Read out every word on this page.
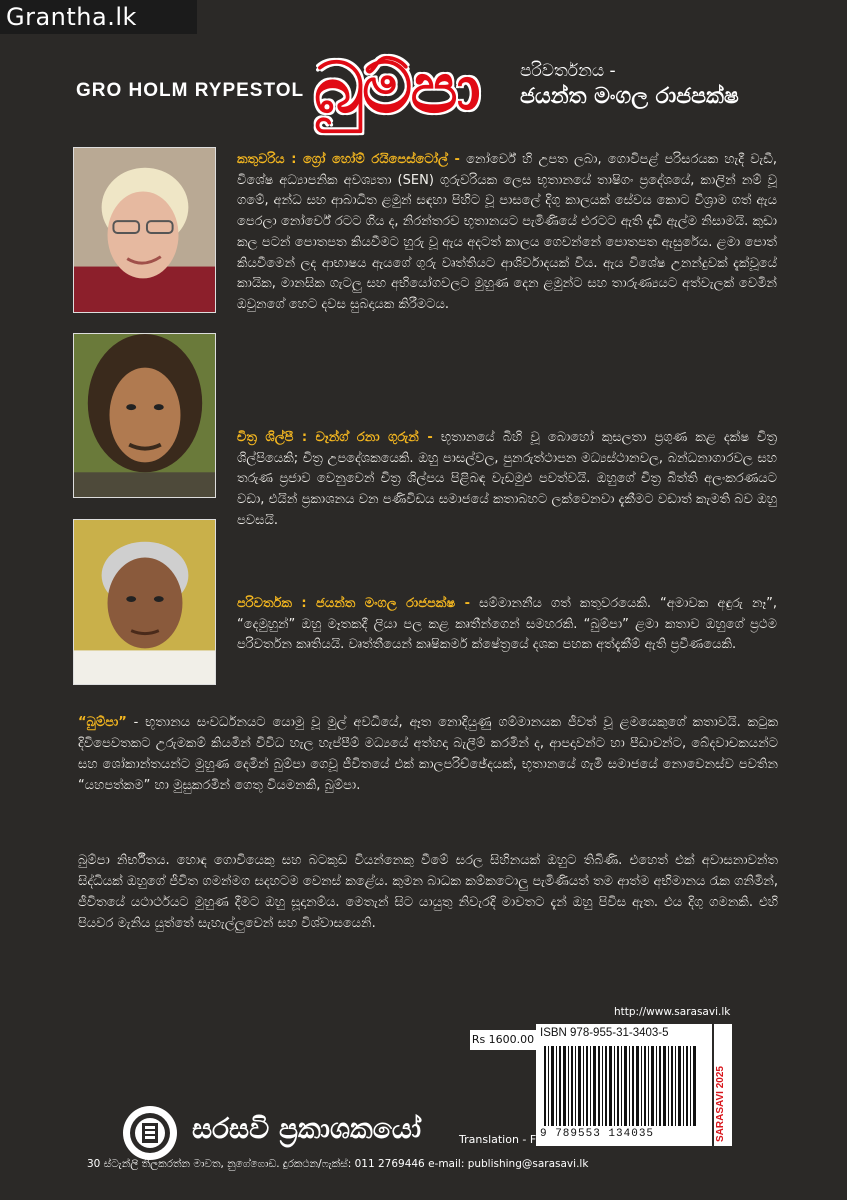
Grantha.lk
GRO HOLM RYPESTOL බුම්පා පරිවර්තනය -
ජයන්ත මංගල රාජපක්ෂ
කතුවරිය : ග්‍රෝ හෝම් රයිපෙස්ටෝල් - නෝර්වේ හි උපත ලබා, ගොවිපළ් පරිසරයක හැදී වැඩී, විශේෂ අධ්‍යාපනික අවශ්‍යතා (SEN) ගුරුවරියක ලෙස භූතානයේ තාෂිගං ප්‍රදේශයේ, කාලින් නම් වූ ගමේ, අන්ධ සහ ආබාධිත ළමුන් සඳහා පිහිට වූ පාසලේ දිගු කාලයක් සේවය කොට විශ්‍රාම ගත් ඇය පෙරලා නෝර්වේ රටට ගිය ද, නිරන්තරව භූතානයට පැමිණියේ එරටට ඇති දැඩි ඇල්ම නිසාමයි. කුඩා කල පටන් පොතපත කියවීමට හුරු වූ ඇය අදටත් කාලය ගෙවන්නේ පොතපත ඇසුරේය. ළමා පොත් කියවීමෙන් ලද ආභාෂය ඇයගේ ගුරු වෘත්තියට ආශිර්වාදයක් විය. ඇය විශේෂ උනන්දුවක් දැක්වූයේ කායික, මානසික ගැටලු සහ අභියෝගවලට මුහුණ දෙන ළමුන්ට සහ තාරුණ්‍යයට අත්වැලක් වෙමින් ඔවුනගේ හෙට දවස සුබදායක කිරීමටය.
චිත්‍ර ශිල්පී : චෑන්ග් රනා ගුරුන් - භූතානයේ බිහි වූ බොහෝ කුසලතා ප්‍රගුණ කළ දක්ෂ චිත්‍ර ශිල්පියෙකි; චිත්‍ර උපදේශකයෙකි. ඔහු පාසල්වල, පුනරුත්ථාපන මධ්‍යස්ථානවල, බන්ධනාගාරවල සහ තරුණ ප්‍රජාව වෙනුවෙන් චිත්‍ර ශිල්පය පිළිබඳ වැඩමුළු පවත්වයි. ඔහුගේ චිත්‍ර බිත්ති අලංකරණයට වඩා, එයින් ප්‍රකාශනය වන පණිවිඩය සමාජයේ කතාබහට ලක්වෙනවා දැකීමට වඩාත් කැමති බව ඔහු පවසයි.
පරිවර්තක : ජයන්ත මංගල රාජපක්ෂ - සම්මානනීය ගත් කතුවරයෙකි. “අමාවක අඳුරු නෑ”, “දෙමුහුන්” ඔහු මෑතකදී ලියා පල කළ කෘතීන්ගෙන් සමහරකි. “බුම්පා” ළමා කතාව ඔහුගේ ප්‍රථම පරිවර්තන කෘතියයි. වෘත්තීයෙන් කෘෂිකර්ම ක්ෂේත්‍රයේ දශක පහක අත්දැකීම් ඇති ප්‍රවීණයෙකි.
“බුම්පා” - භූතානය සංවර්ධනයට යොමු වූ මුල් අවධියේ, ඈත නොදියුණු ගම්මානයක ජීවත් වූ ළමයෙකුගේ කතාවයි. කටුක දිවිපෙවතකට උරුමකම් කියමින් විවිධ හැල හැප්පීම් මධ්‍යයේ අත්හදා බැලීම් කරමින් ද, ආපදාවන්ට හා පීඩාවන්ට, බේදවාචකයන්ට සහ ශෝකාන්තයන්ට මුහුණ දෙමින් බුම්පා ගෙවූ ජීවිතයේ එක් කාලපරිච්ඡේදයක්, භූතානයේ ගැමි සමාජයේ නොවෙනස්ව පවතින “යහපත්කම” හා මුසුකරමින් ගෙතූ වියමනකි, බුම්පා.
බුම්පා නිර්භීතය. හොඳ ගොවියෙකු සහ බටකුඩ වියන්නෙකු වීමේ සරල සිහිනයක් ඔහුට තිබිණි. එහෙත් එක් අවාසනාවන්ත සිද්ධියක් ඔහුගේ ජීවිත ගමන්මග සදහටම වෙනස් කළේය. කුමන බාධක කම්කටොලු පැමිණියත් තම ආත්ම අභිමානය රැක ගනිමින්, ජීවිතයේ යථාර්ථයට මුහුණ දීමට ඔහු සූදානම්ය. මෙතැන් සිට යායුතු නිවැරදි මාවතට දැන් ඔහු පිවිස ඇත. එය දිගු ගමනකි. එහි පියවර මැනිය යුත්තේ සැහැල්ලුවෙන් සහ විශ්වාසයෙනි.
http://www.sarasavi.lk
Rs 1600.00 ISBN 978-955-31-3403-5
9 789553 134035	SARASAVI 2025
Translation - Fiction
සරසවි ප්‍රකාශකයෝ
30 ස්ටැන්ලි තිලකරත්න මාවත, නුගේගොඩ. දුරකථන/ෆැක්ස්: 011 2769446 e-mail: publishing@sarasavi.lk
